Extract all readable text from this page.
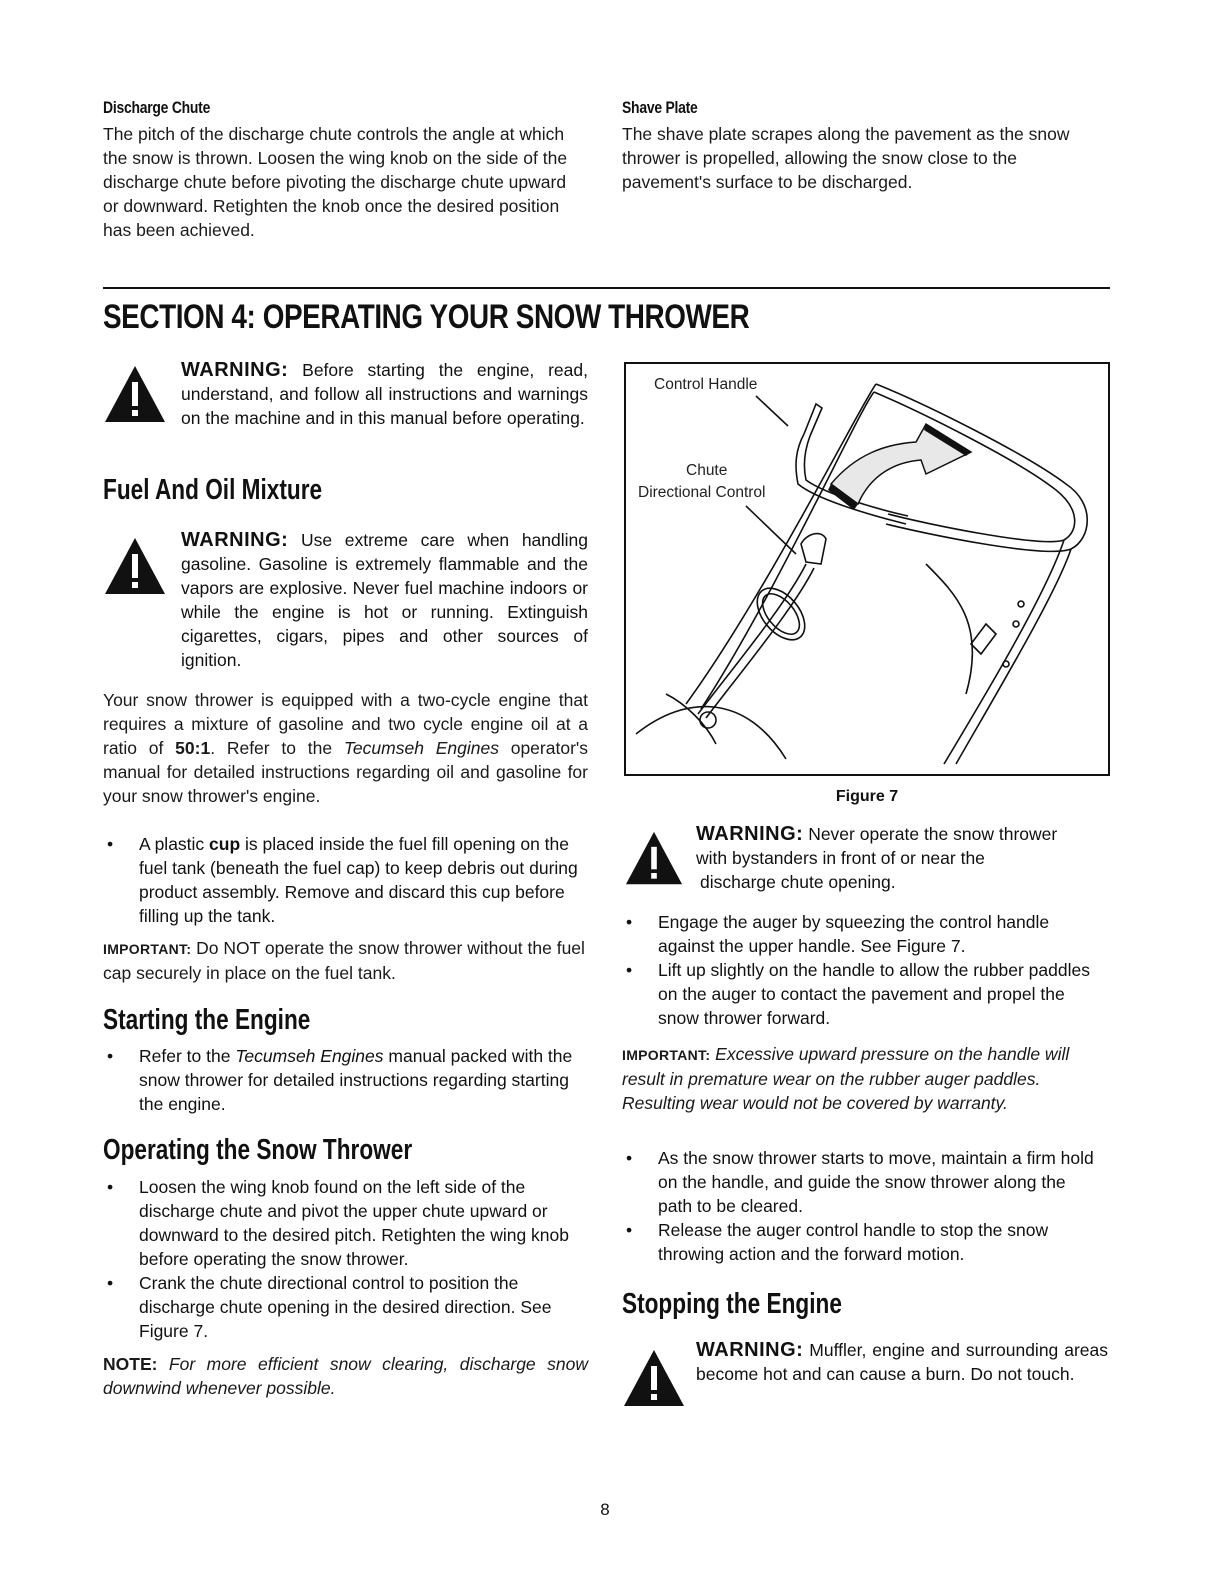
Discharge Chute
The pitch of the discharge chute controls the angle at which the snow is thrown. Loosen the wing knob on the side of the discharge chute before pivoting the discharge chute upward or downward. Retighten the knob once the desired position has been achieved.
Shave Plate
The shave plate scrapes along the pavement as the snow thrower is propelled, allowing the snow close to the pavement's surface to be discharged.
SECTION 4: OPERATING YOUR SNOW THROWER
WARNING: Before starting the engine, read, understand, and follow all instructions and warnings on the machine and in this manual before operating.
Fuel And Oil Mixture
WARNING: Use extreme care when handling gasoline. Gasoline is extremely flammable and the vapors are explosive. Never fuel machine indoors or while the engine is hot or running. Extinguish cigarettes, cigars, pipes and other sources of ignition.
Your snow thrower is equipped with a two-cycle engine that requires a mixture of gasoline and two cycle engine oil at a ratio of 50:1. Refer to the Tecumseh Engines operator's manual for detailed instructions regarding oil and gasoline for your snow thrower's engine.
• A plastic cup is placed inside the fuel fill opening on the fuel tank (beneath the fuel cap) to keep debris out during product assembly. Remove and discard this cup before filling up the tank.
IMPORTANT: Do NOT operate the snow thrower without the fuel cap securely in place on the fuel tank.
Starting the Engine
• Refer to the Tecumseh Engines manual packed with the snow thrower for detailed instructions regarding starting the engine.
Operating the Snow Thrower
• Loosen the wing knob found on the left side of the discharge chute and pivot the upper chute upward or downward to the desired pitch. Retighten the wing knob before operating the snow thrower.
• Crank the chute directional control to position the discharge chute opening in the desired direction. See Figure 7.
NOTE: For more efficient snow clearing, discharge snow downwind whenever possible.
Control Handle
Chute
Directional Control
Figure 7
WARNING: Never operate the snow thrower
with bystanders in front of or near the
discharge chute opening.
• Engage the auger by squeezing the control handle against the upper handle. See Figure 7.
• Lift up slightly on the handle to allow the rubber paddles on the auger to contact the pavement and propel the snow thrower forward.
IMPORTANT: Excessive upward pressure on the handle will result in premature wear on the rubber auger paddles. Resulting wear would not be covered by warranty.
• As the snow thrower starts to move, maintain a firm hold on the handle, and guide the snow thrower along the path to be cleared.
• Release the auger control handle to stop the snow throwing action and the forward motion.
Stopping the Engine
WARNING: Muffler, engine and surrounding areas become hot and can cause a burn. Do not touch.
8
